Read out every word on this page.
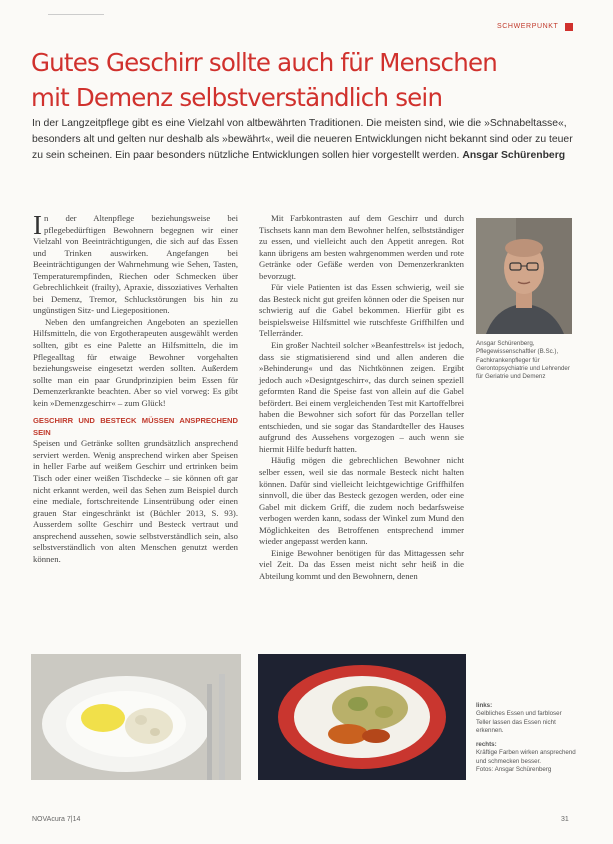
SCHWERPUNKT
Gutes Geschirr sollte auch für Menschen
mit Demenz selbstverständlich sein
In der Langzeitpflege gibt es eine Vielzahl von altbewährten Traditionen. Die meisten sind, wie die »Schnabeltasse«, besonders alt und gelten nur deshalb als »bewährt«, weil die neueren Entwicklungen nicht bekannt sind oder zu teuer zu sein scheinen. Ein paar besonders nützliche Entwicklungen sollen hier vorgestellt werden. Ansgar Schürenberg

In der Altenpflege beziehungsweise bei pflegebedürftigen Bewohnern begegnen wir einer Vielzahl von Beeinträchtigungen, die sich auf das Essen und Trinken auswirken. Angefangen bei Beeinträchtigungen der Wahrnehmung wie Sehen, Tasten, Temperaturempfinden, Riechen oder Schmecken über Gebrechlichkeit (frailty), Apraxie, dissoziatives Verhalten bei Demenz, Tremor, Schluckstörungen bis hin zu ungünstigen Sitz- und Liegepositionen.

Neben den umfangreichen Angeboten an speziellen Hilfsmitteln, die von Ergotherapeuten ausgewählt werden sollten, gibt es eine Palette an Hilfsmitteln, die im Pflegealltag für etwaige Bewohner vorgehalten beziehungsweise eingesetzt werden sollten. Außerdem sollte man ein paar Grundprinzipien beim Essen für Demenzerkrankte beachten. Aber so viel vorweg: Es gibt kein »Demenzgeschirr« – zum Glück!

GESCHIRR UND BESTECK MÜSSEN ANSPRECHEND SEIN

Speisen und Getränke sollten grundsätzlich ansprechend serviert werden. Wenig ansprechend wirken aber Speisen in heller Farbe auf weißem Geschirr und ertrinken beim Tisch oder einer weißen Tischdecke – sie können oft gar nicht erkannt werden, weil das Sehen zum Beispiel durch eine mediale, fortschreitende Linsentrübung oder einen grauen Star eingeschränkt ist (Büchler 2013, S. 93). Ausserdem sollte Geschirr und Besteck vertraut und ansprechend aussehen, sowie selbstverständlich sein, also selbstverständlich von alten Menschen genutzt werden können.

Mit Farbkontrasten auf dem Geschirr und durch Tischsets kann man dem Bewohner helfen, selbstständiger zu essen, und vielleicht auch den Appetit anregen. Rot kann übrigens am besten wahrgenommen werden und rote Getränke oder Gefäße werden von Demenzerkrankten bevorzugt.

Für viele Patienten ist das Essen schwierig, weil sie das Besteck nicht gut greifen können oder die Speisen nur schwierig auf die Gabel bekommen. Hierfür gibt es beispielsweise Hilfsmittel wie rutschfeste Griffhilfen und Tellerränder.

Ein großer Nachteil solcher »Beanfesttrels« ist jedoch, dass sie stigmatisierend sind und allen anderen die »Behinderung« und das Nichtkönnen zeigen. Ergibt jedoch auch »Designtgeschirr«, das durch seinen speziell geformten Rand die Speise fast von allein auf die Gabel befördert. Bei einem vergleichenden Test mit Kartoffelbrei haben die Bewohner sich sofort für das Porzellan teller entschieden, und sie sogar das Standardteller des Hauses aufgrund des Aussehens vorgezogen – auch wenn sie hiermit Hilfe bedurft hatten.

Häufig mögen die gebrechlichen Bewohner nicht selber essen, weil sie das normale Besteck nicht halten können. Dafür sind vielleicht leichtgewichtige Griffhilfen sinnvoll, die über das Besteck gezogen werden, oder eine Gabel mit dickem Griff, die zudem noch bedarfsweise verbogen werden kann, sodass der Winkel zum Mund den Möglichkeiten des Betroffenen entsprechend immer wieder angepasst werden kann.

Einige Bewohner benötigen für das Mittagessen sehr viel Zeit. Da das Essen meist nicht sehr heiß in die Abteilung kommt und den Bewohnern, denen

Ansgar Schürenberg, Pflegewissenschaftler (B.Sc.), Fachkrankenpfleger für Gerontopsychiatrie und Lehrender für Geriatrie und Demenz
links:
Gelbliches Essen und farbloser Teller lassen das Essen nicht erkennen.
rechts:
Kräftige Farben wirken ansprechend und schmecken besser.
Fotos: Ansgar Schürenberg
NOVAcura 7|14	31
